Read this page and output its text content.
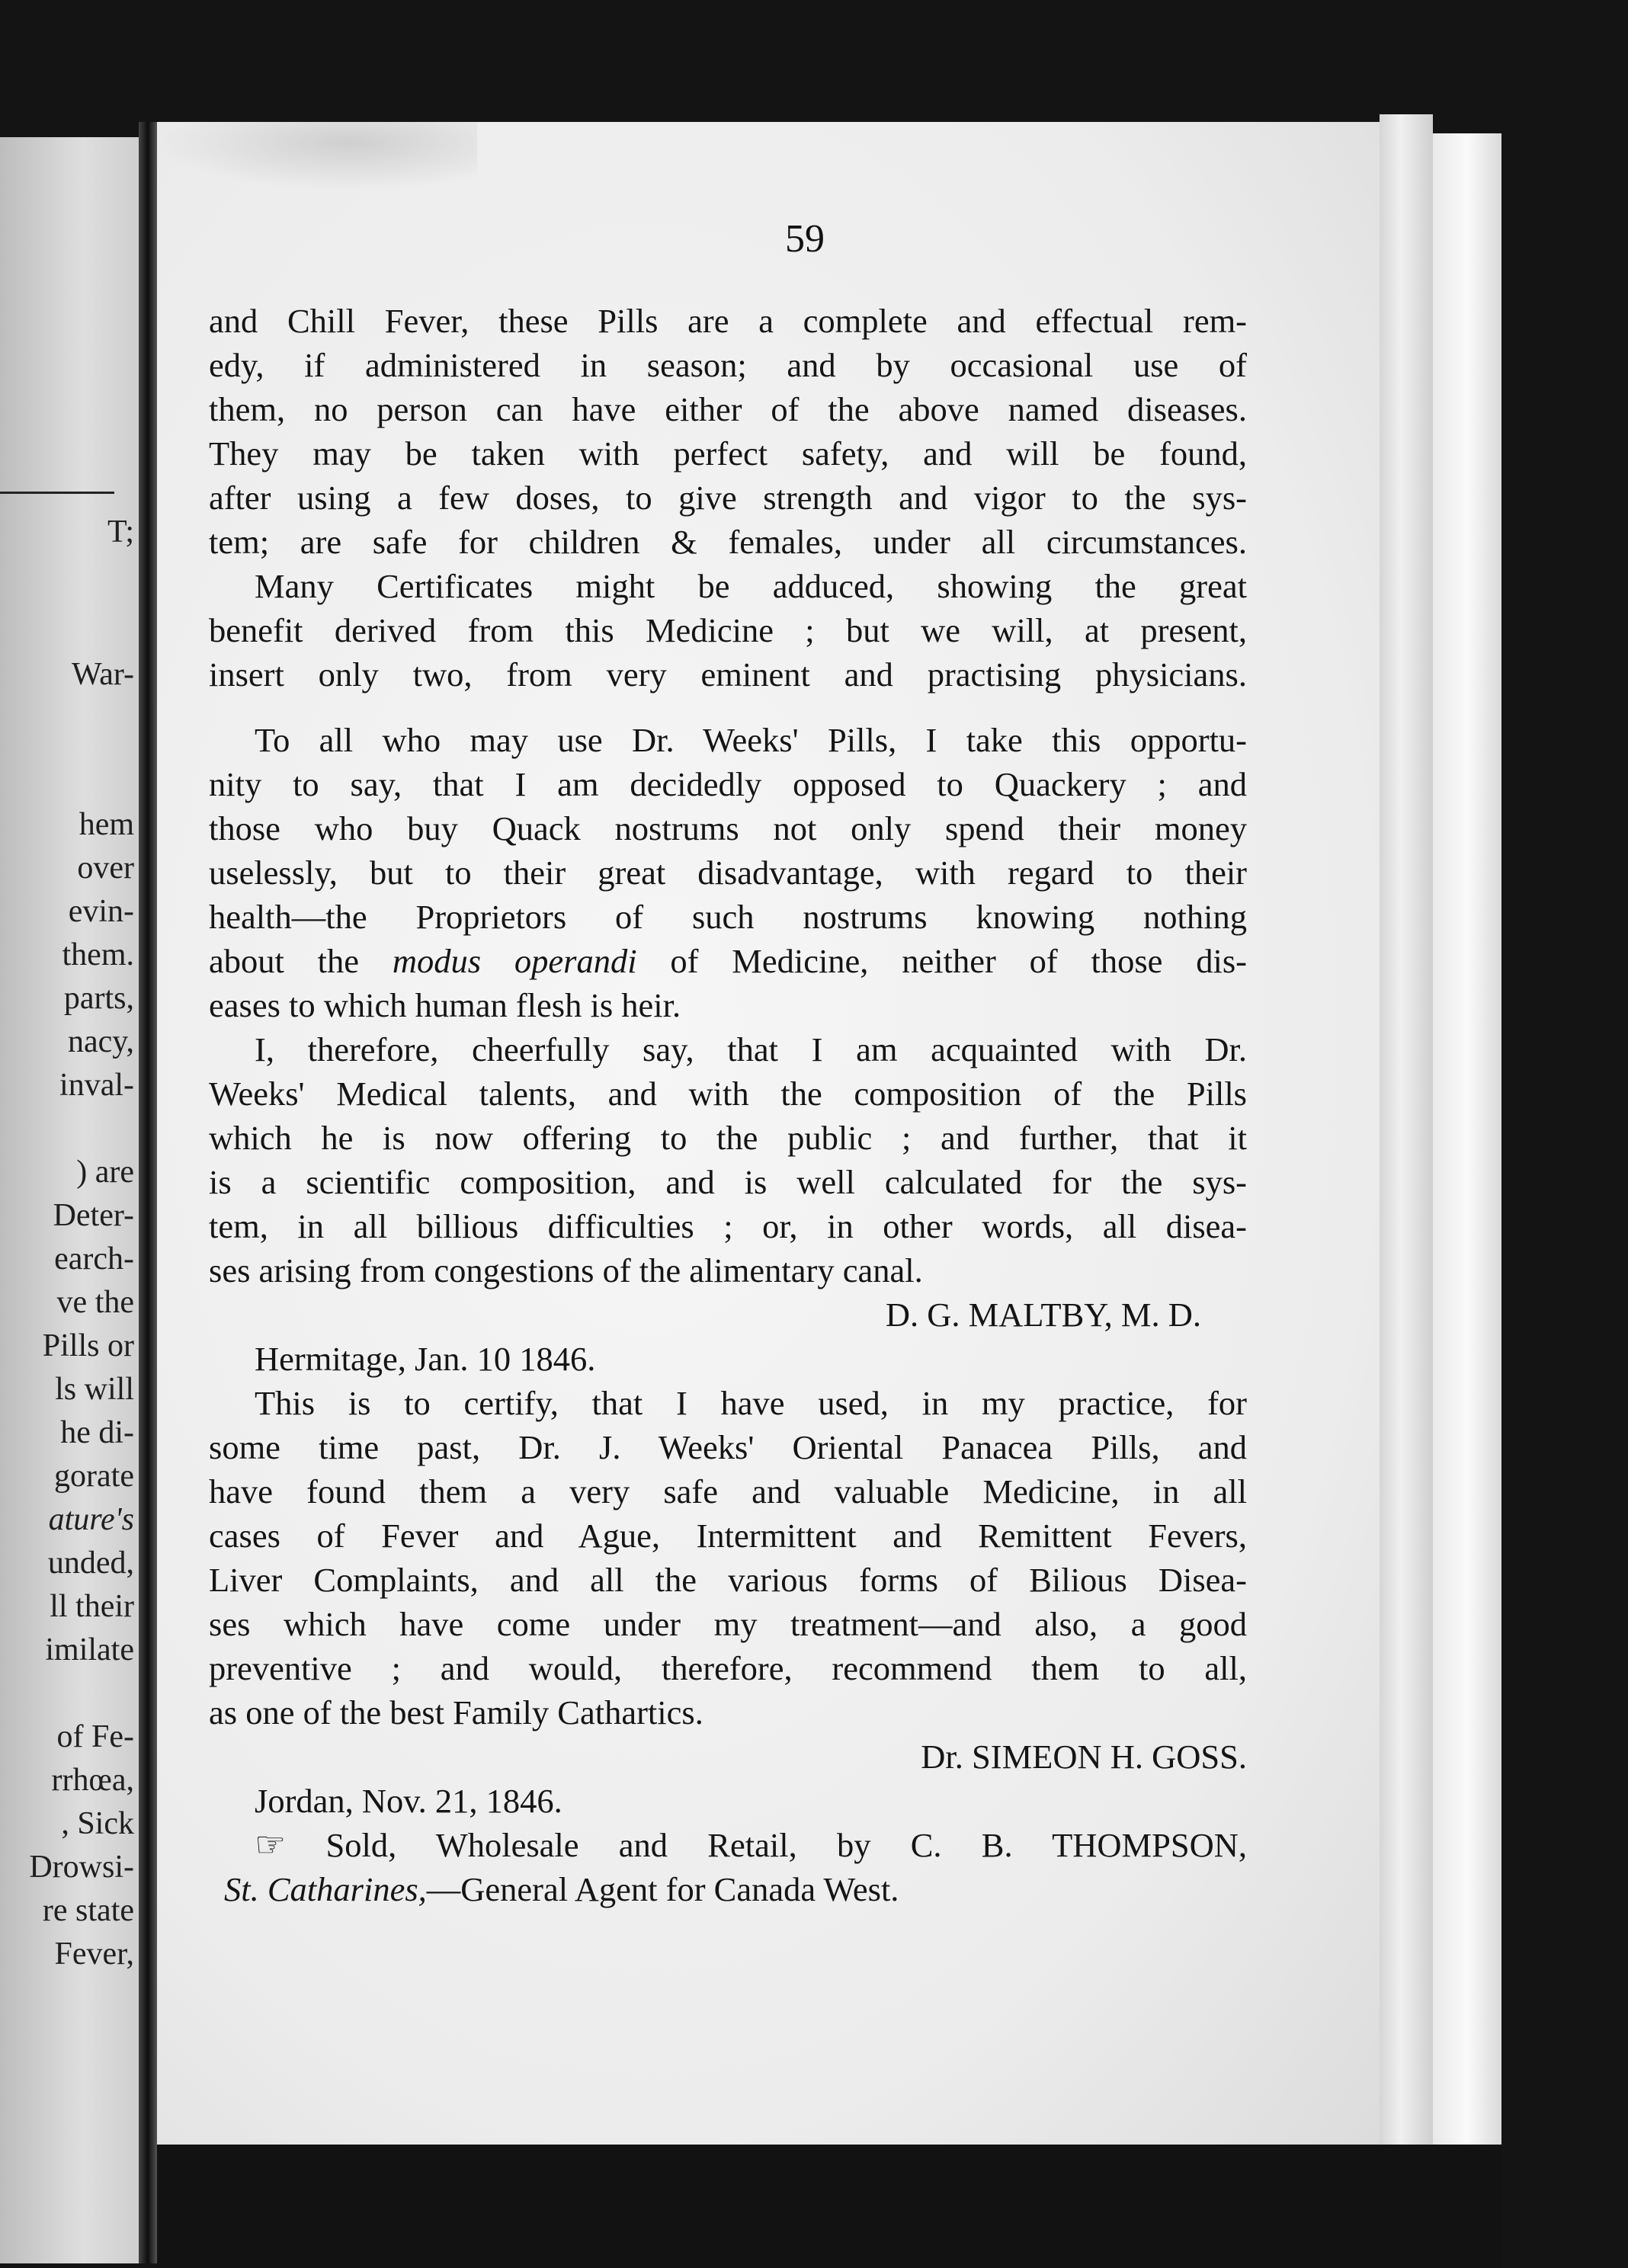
T;
War-
hem
over
evin-
them.
parts,
nacy,
inval-
) are
Deter-
earch-
ve the
Pills or
ls will
he di-
gorate
ature's
unded,
ll their
imilate
of Fe-
rrhœa,
, Sick
Drowsi-
re state
Fever,
59
and Chill Fever, these Pills are a complete and effectual rem-
edy, if administered in season; and by occasional use of
them, no person can have either of the above named diseases.
They may be taken with perfect safety, and will be found,
after using a few doses, to give strength and vigor to the sys-
tem; are safe for children & females, under all circumstances.
Many Certificates might be adduced, showing the great
benefit derived from this Medicine ; but we will, at present,
insert only two, from very eminent and practising physicians.
To all who may use Dr. Weeks' Pills, I take this opportu-
nity to say, that I am decidedly opposed to Quackery ; and
those who buy Quack nostrums not only spend their money
uselessly, but to their great disadvantage, with regard to their
health—the Proprietors of such nostrums knowing nothing
about the modus operandi of Medicine, neither of those dis-
eases to which human flesh is heir.
I, therefore, cheerfully say, that I am acquainted with Dr.
Weeks' Medical talents, and with the composition of the Pills
which he is now offering to the public ; and further, that it
is a scientific composition, and is well calculated for the sys-
tem, in all billious difficulties ; or, in other words, all disea-
ses arising from congestions of the alimentary canal.
D. G. MALTBY, M. D.
Hermitage, Jan. 10 1846.
This is to certify, that I have used, in my practice, for
some time past, Dr. J. Weeks' Oriental Panacea Pills, and
have found them a very safe and valuable Medicine, in all
cases of Fever and Ague, Intermittent and Remittent Fevers,
Liver Complaints, and all the various forms of Bilious Disea-
ses which have come under my treatment—and also, a good
preventive ; and would, therefore, recommend them to all,
as one of the best Family Cathartics.
Dr. SIMEON H. GOSS.
Jordan, Nov. 21, 1846.
☞ Sold, Wholesale and Retail, by C. B. THOMPSON,
St. Catharines,—General Agent for Canada West.
